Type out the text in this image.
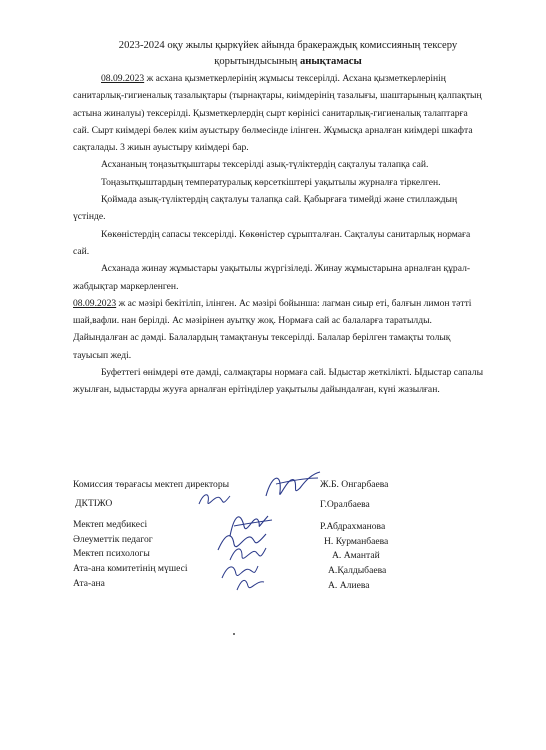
2023-2024 оқу жылы қыркүйек айында бракераждық комиссияның тексеру
қорытындысының анықтамасы

08.09.2023 ж асхана қызметкерлерінің жұмысы тексерілді. Асхана қызметкерлерінің санитарлық-гигиеналық тазалықтары (тырнақтары, киімдерінің тазалығы, шаштарының қалпақтың астына жиналуы) тексерілді. Қызметкерлердің сырт көрінісі санитарлық-гигиеналық талаптарға сай. Сырт киімдері бөлек киім ауыстыру бөлмесінде ілінген. Жұмысқа арналған киімдері шкафта сақталады. 3 жиын ауыстыру киімдері бар.

Асхананың тоңазытқыштары тексерілді азық-түліктердің сақталуы талапқа сай.

Тоңазытқыштардың температуралық көрсеткіштері уақытылы журналға тіркелген.

Қоймада азық-түліктердің сақталуы талапқа сай. Қабырғаға тимейді және стиллаждың үстінде.

Көкөністердің сапасы тексерілді. Көкөністер сұрыпталған. Сақталуы санитарлық нормаға сай.

Асханада жинау жұмыстары уақытылы жүргізіледі. Жинау жұмыстарына арналған құрал-жабдықтар маркерленген.

08.09.2023 ж ас мәзірі бекітіліп, ілінген. Ас мәзірі бойынша: лагман сиыр еті, балғын лимон тәтті шай,вафли. нан берілді. Ас мәзірінен ауытқу жоқ. Нормаға сай ас балаларға таратылды. Дайындалған ас дәмді. Балалардың тамақтануы тексерілді. Балалар берілген тамақты толық тауысып жеді.

Буфеттегі өнімдері өте дәмді, салмақтары нормаға сай. Ыдыстар жеткілікті. Ыдыстар сапалы жуылған, ыдыстарды жууға арналған ерітінділер уақытылы дайындалған, күні жазылған.

Комиссия төрағасы мектеп директоры
ДКТІЖО
Мектеп медбикесі
Әлеуметтік педагог
Мектеп психологы
Ата-ана комитетінің мүшесі
Ата-ана
Ж.Б. Онгарбаева
Г.Оралбаева
Р.Абдрахманова
Н. Курманбаева
А. Амантай
А.Қалдыбаева
А. Алиева
